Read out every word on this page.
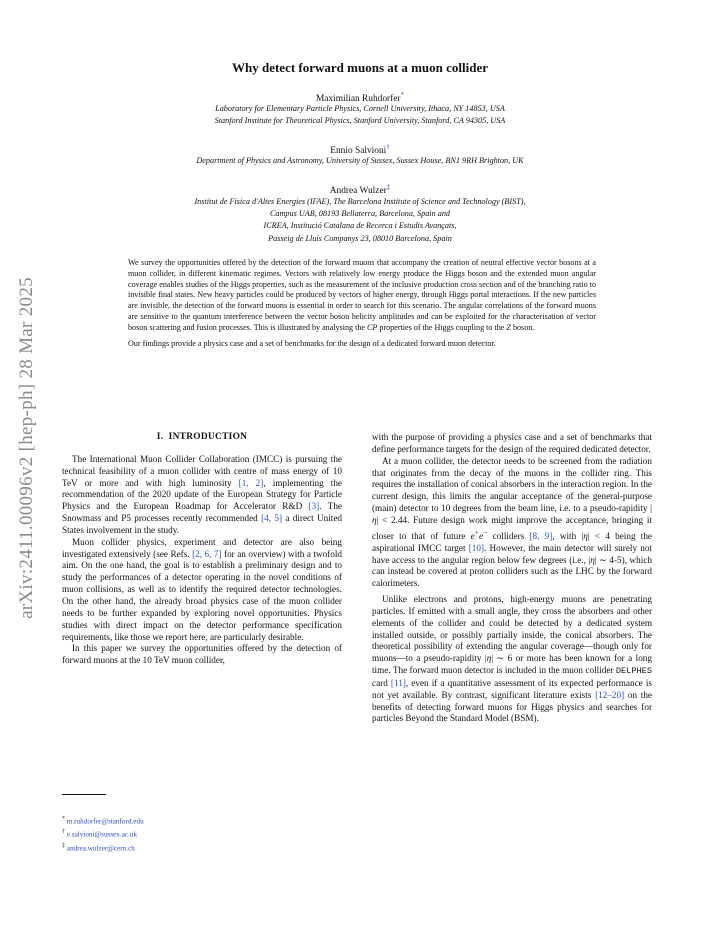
arXiv:2411.00096v2 [hep-ph] 28 Mar 2025
Why detect forward muons at a muon collider
Maximilian Ruhdorfer*
Laboratory for Elementary Particle Physics, Cornell University, Ithaca, NY 14853, USA
Stanford Institute for Theoretical Physics, Stanford University, Stanford, CA 94305, USA
Ennio Salvioni†
Department of Physics and Astronomy, University of Sussex, Sussex House, BN1 9RH Brighton, UK
Andrea Wulzer‡
Institut de Física d'Altes Energies (IFAE), The Barcelona Institute of Science and Technology (BIST),
Campus UAB, 08193 Bellaterra, Barcelona, Spain and
ICREA, Institució Catalana de Recerca i Estudis Avançats,
Passeig de Lluís Companys 23, 08010 Barcelona, Spain

We survey the opportunities offered by the detection of the forward muons that accompany the creation of neutral effective vector bosons at a muon collider, in different kinematic regimes. Vectors with relatively low energy produce the Higgs boson and the extended muon angular coverage enables studies of the Higgs properties, such as the measurement of the inclusive production cross section and of the branching ratio to invisible final states. New heavy particles could be produced by vectors of higher energy, through Higgs portal interactions. If the new particles are invisible, the detection of the forward muons is essential in order to search for this scenario. The angular correlations of the forward muons are sensitive to the quantum interference between the vector boson helicity amplitudes and can be exploited for the characterisation of vector boson scattering and fusion processes. This is illustrated by analysing the CP properties of the Higgs coupling to the Z boson.

Our findings provide a physics case and a set of benchmarks for the design of a dedicated forward muon detector.

I. INTRODUCTION

The International Muon Collider Collaboration (IMCC) is pursuing the technical feasibility of a muon collider with centre of mass energy of 10 TeV or more and with high luminosity [1, 2], implementing the recommendation of the 2020 update of the European Strategy for Particle Physics and the European Roadmap for Accelerator R&D [3]. The Snowmass and P5 processes recently recommended [4, 5] a direct United States involvement in the study.

Muon collider physics, experiment and detector are also being investigated extensively (see Refs. [2, 6, 7] for an overview) with a twofold aim. On the one hand, the goal is to establish a preliminary design and to study the performances of a detector operating in the novel conditions of muon collisions, as well as to identify the required detector technologies. On the other hand, the already broad physics case of the muon collider needs to be further expanded by exploring novel opportunities. Physics studies with direct impact on the detector performance specification requirements, like those we report here, are particularly desirable.

In this paper we survey the opportunities offered by the detection of forward muons at the 10 TeV muon collider,

with the purpose of providing a physics case and a set of benchmarks that define performance targets for the design of the required dedicated detector.

At a muon collider, the detector needs to be screened from the radiation that originates from the decay of the muons in the collider ring. This requires the installation of conical absorbers in the interaction region. In the current design, this limits the angular acceptance of the general-purpose (main) detector to 10 degrees from the beam line, i.e. to a pseudo-rapidity |η| < 2.44. Future design work might improve the acceptance, bringing it closer to that of future e+e− colliders [8, 9], with |η| < 4 being the aspirational IMCC target [10]. However, the main detector will surely not have access to the angular region below few degrees (i.e., |η| ∼ 4-5), which can instead be covered at proton colliders such as the LHC by the forward calorimeters.

Unlike electrons and protons, high-energy muons are penetrating particles. If emitted with a small angle, they cross the absorbers and other elements of the collider and could be detected by a dedicated system installed outside, or possibly partially inside, the conical absorbers. The theoretical possibility of extending the angular coverage—though only for muons—to a pseudo-rapidity |η| ∼ 6 or more has been known for a long time. The forward muon detector is included in the muon collider DELPHES card [11], even if a quantitative assessment of its expected performance is not yet available. By contrast, significant literature exists [12–20] on the benefits of detecting forward muons for Higgs physics and searches for particles Beyond the Standard Model (BSM).

* m.ruhdorfer@stanford.edu
† e.salvioni@sussex.ac.uk
‡ andrea.wulzer@cern.ch
